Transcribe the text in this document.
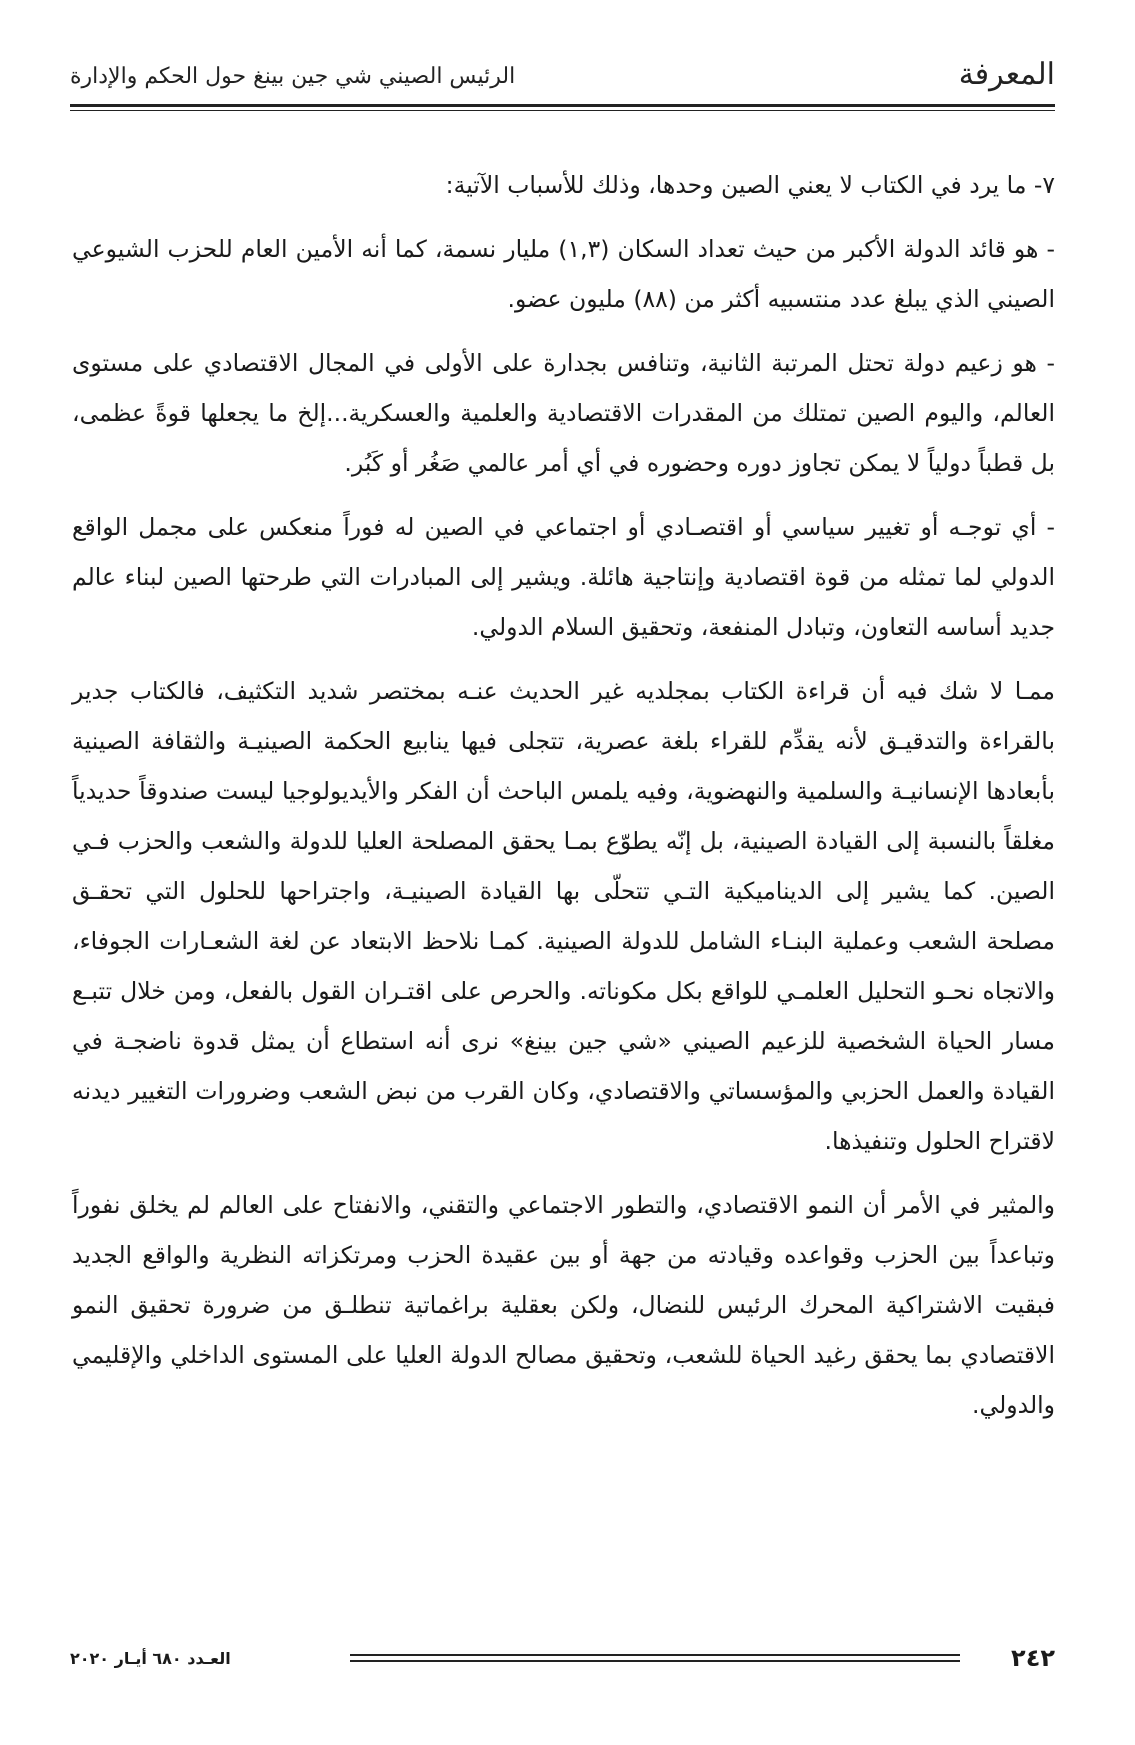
المعرفة
الرئيس الصيني شي جين بينغ حول الحكم والإدارة

٧- ما يرد في الكتاب لا يعني الصين وحدها، وذلك للأسباب الآتية:

- هو قائد الدولة الأكبر من حيث تعداد السكان (١,٣) مليار نسمة، كما أنه الأمين العام للحزب الشيوعي الصيني الذي يبلغ عدد منتسبيه أكثر من (٨٨) مليون عضو.

- هو زعيم دولة تحتل المرتبة الثانية، وتنافس بجدارة على الأولى في المجال الاقتصادي على مستوى العالم، واليوم الصين تمتلك من المقدرات الاقتصادية والعلمية والعسكرية...إلخ ما يجعلها قوةً عظمى، بل قطباً دولياً لا يمكن تجاوز دوره وحضوره في أي أمر عالمي صَغُر أو كَبُر.

- أي توجـه أو تغيير سياسي أو اقتصـادي أو اجتماعي في الصين له فوراً منعكس على مجمل الواقع الدولي لما تمثله من قوة اقتصادية وإنتاجية هائلة. ويشير إلى المبادرات التي طرحتها الصين لبناء عالم جديد أساسه التعاون، وتبادل المنفعة، وتحقيق السلام الدولي.

ممـا لا شك فيه أن قراءة الكتاب بمجلديه غير الحديث عنـه بمختصر شديد التكثيف، فالكتاب جدير بالقراءة والتدقيـق لأنه يقدِّم للقراء بلغة عصرية، تتجلى فيها ينابيع الحكمة الصينيـة والثقافة الصينية بأبعادها الإنسانيـة والسلمية والنهضوية، وفيه يلمس الباحث أن الفكر والأيديولوجيا ليست صندوقاً حديدياً مغلقاً بالنسبة إلى القيادة الصينية، بل إنّه يطوّع بمـا يحقق المصلحة العليا للدولة والشعب والحزب فـي الصين. كما يشير إلى الديناميكية التـي تتحلّى بها القيادة الصينيـة، واجتراحها للحلول التي تحقـق مصلحة الشعب وعملية البنـاء الشامل للدولة الصينية. كمـا نلاحظ الابتعاد عن لغة الشعـارات الجوفاء، والاتجاه نحـو التحليل العلمـي للواقع بكل مكوناته. والحرص على اقتـران القول بالفعل، ومن خلال تتبـع مسار الحياة الشخصية للزعيم الصيني «شي جين بينغ» نرى أنه استطاع أن يمثل قدوة ناضجـة في القيادة والعمل الحزبي والمؤسساتي والاقتصادي، وكان القرب من نبض الشعب وضرورات التغيير ديدنه لاقتراح الحلول وتنفيذها.

والمثير في الأمر أن النمو الاقتصادي، والتطور الاجتماعي والتقني، والانفتاح على العالم لم يخلق نفوراً وتباعداً بين الحزب وقواعده وقيادته من جهة أو بين عقيدة الحزب ومرتكزاته النظرية والواقع الجديد فبقيت الاشتراكية المحرك الرئيس للنضال، ولكن بعقلية براغماتية تنطلـق من ضرورة تحقيق النمو الاقتصادي بما يحقق رغيد الحياة للشعب، وتحقيق مصالح الدولة العليا على المستوى الداخلي والإقليمي والدولي.

٢٤٢
العـدد ٦٨٠ أيـار ٢٠٢٠
